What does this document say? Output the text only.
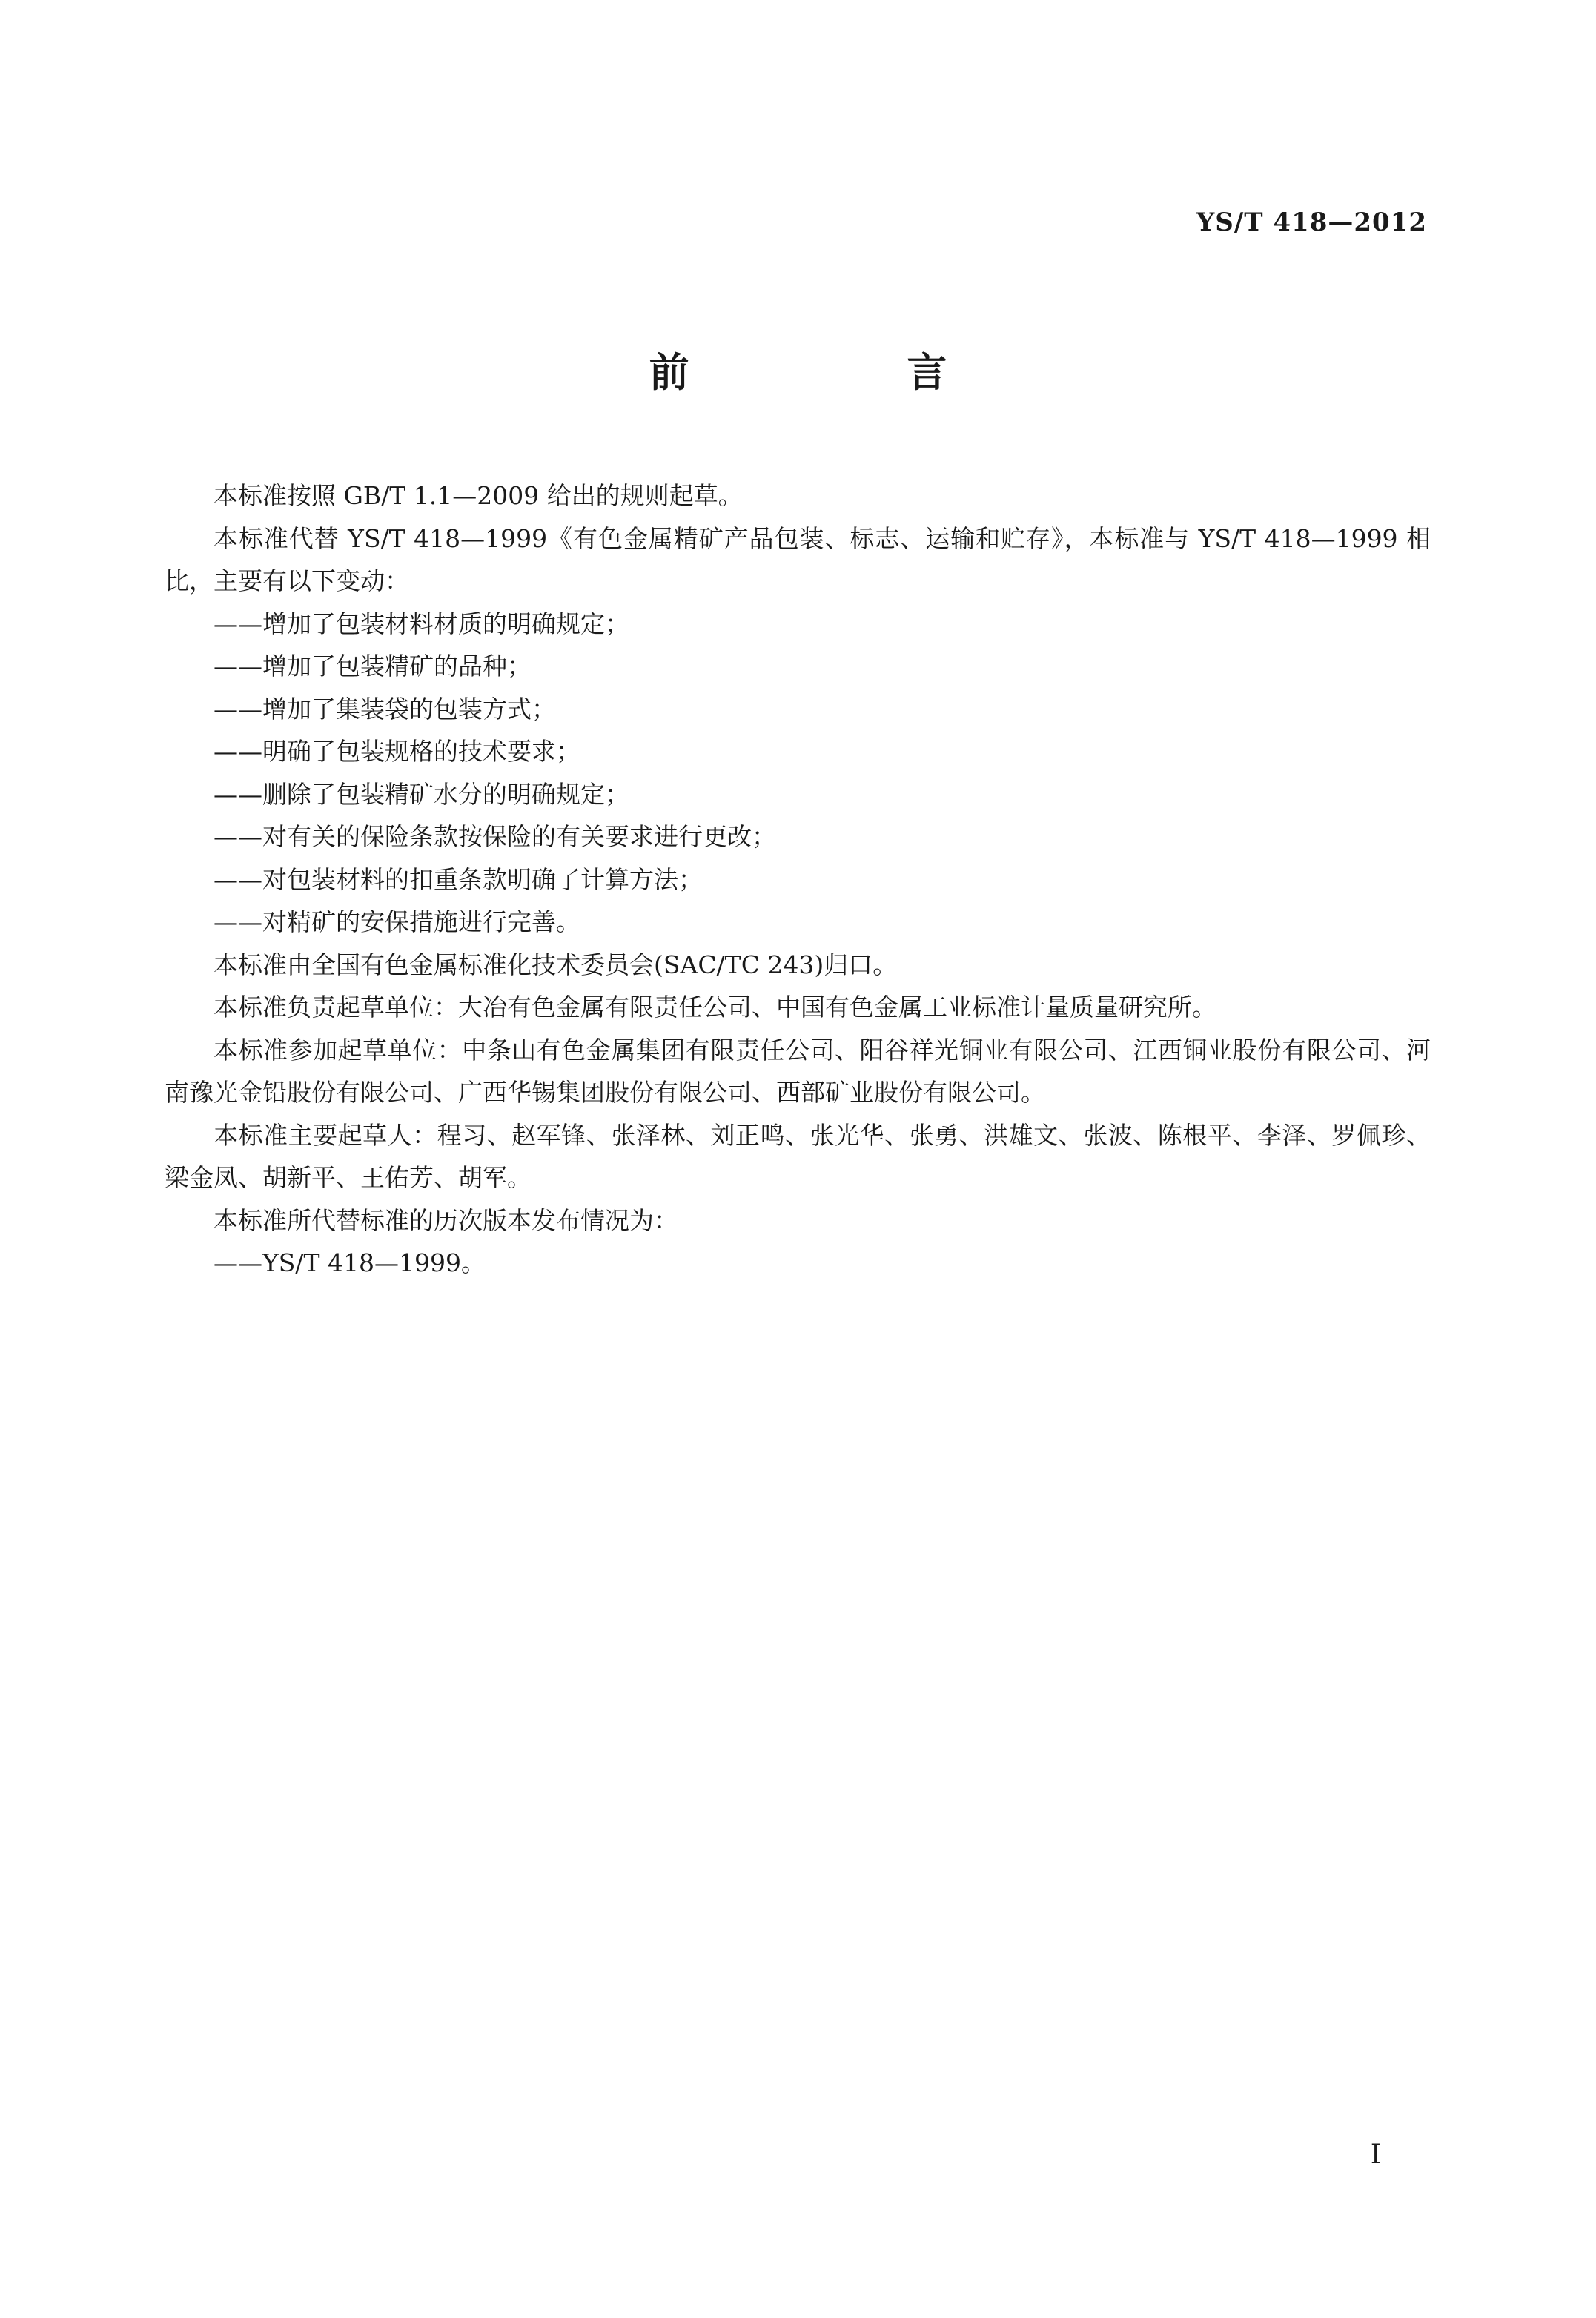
YS/T 418—2012
前　言

本标准按照 GB/T 1.1—2009 给出的规则起草。

本标准代替 YS/T 418—1999《有色金属精矿产品包装、标志、运输和贮存》，本标准与 YS/T 418—1999 相比，主要有以下变动：

——增加了包装材料材质的明确规定；

——增加了包装精矿的品种；

——增加了集装袋的包装方式；

——明确了包装规格的技术要求；

——删除了包装精矿水分的明确规定；

——对有关的保险条款按保险的有关要求进行更改；

——对包装材料的扣重条款明确了计算方法；

——对精矿的安保措施进行完善。

本标准由全国有色金属标准化技术委员会(SAC/TC 243)归口。

本标准负责起草单位：大冶有色金属有限责任公司、中国有色金属工业标准计量质量研究所。

本标准参加起草单位：中条山有色金属集团有限责任公司、阳谷祥光铜业有限公司、江西铜业股份有限公司、河南豫光金铅股份有限公司、广西华锡集团股份有限公司、西部矿业股份有限公司。

本标准主要起草人：程习、赵军锋、张泽林、刘正鸣、张光华、张勇、洪雄文、张波、陈根平、李泽、罗佩珍、梁金凤、胡新平、王佑芳、胡军。

本标准所代替标准的历次版本发布情况为：

——YS/T 418—1999。

I
